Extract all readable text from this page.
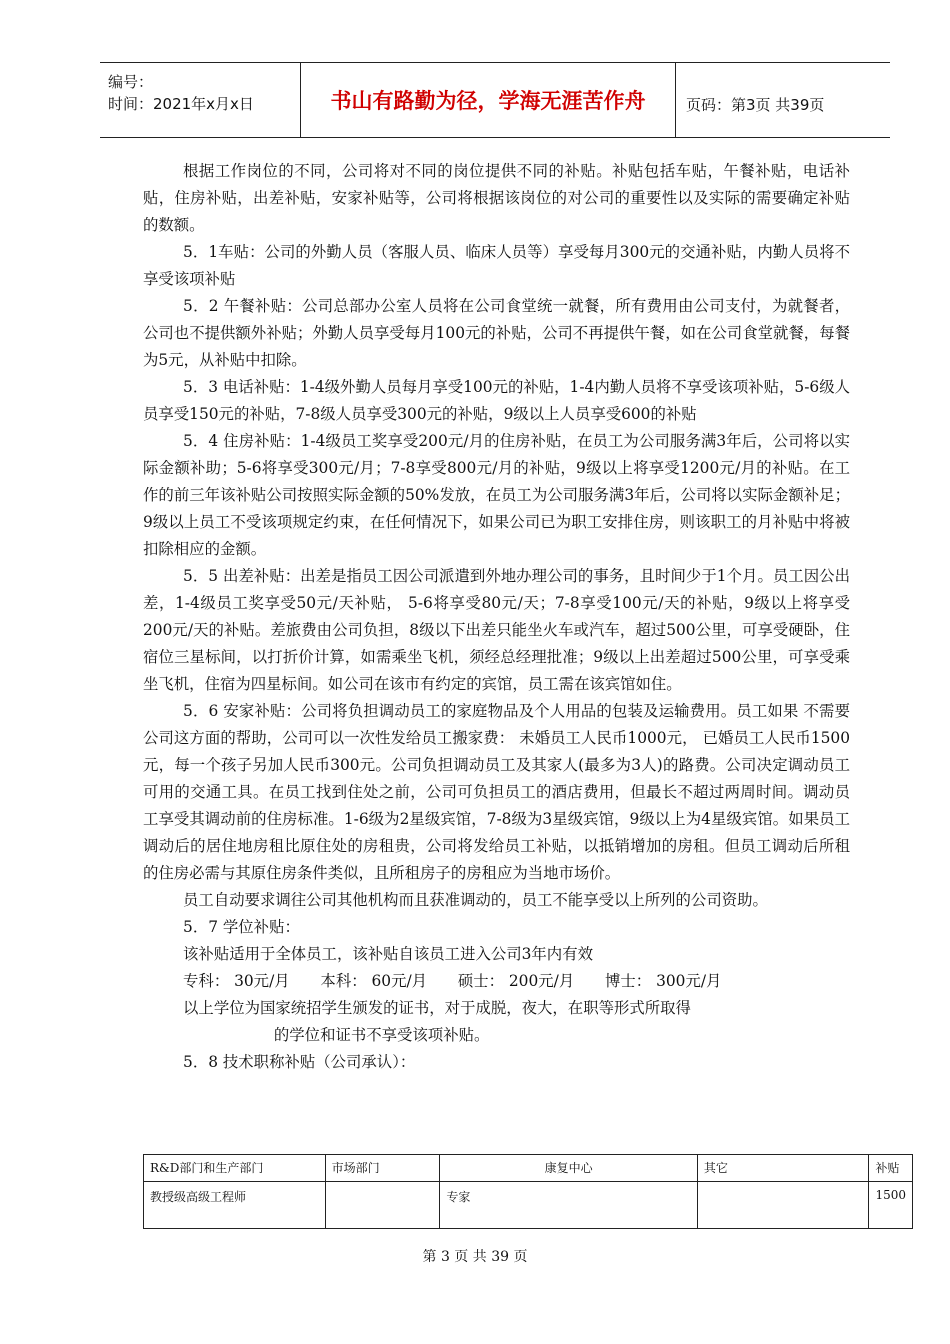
编号：
时间：2021年x月x日	书山有路勤为径，学海无涯苦作舟	页码：第3页 共39页

根据工作岗位的不同，公司将对不同的岗位提供不同的补贴。补贴包括车贴，午餐补贴，电话补贴，住房补贴，出差补贴，安家补贴等，公司将根据该岗位的对公司的重要性以及实际的需要确定补贴的数额。

5．1车贴：公司的外勤人员（客服人员、临床人员等）享受每月300元的交通补贴，内勤人员将不享受该项补贴

5．2 午餐补贴：公司总部办公室人员将在公司食堂统一就餐，所有费用由公司支付，为就餐者，公司也不提供额外补贴；外勤人员享受每月100元的补贴，公司不再提供午餐，如在公司食堂就餐，每餐为5元，从补贴中扣除。

5．3 电话补贴：1-4级外勤人员每月享受100元的补贴，1-4内勤人员将不享受该项补贴，5-6级人员享受150元的补贴，7-8级人员享受300元的补贴，9级以上人员享受600的补贴

5．4 住房补贴：1-4级员工奖享受200元/月的住房补贴，在员工为公司服务满3年后，公司将以实际金额补助；5-6将享受300元/月；7-8享受800元/月的补贴，9级以上将享受1200元/月的补贴。在工作的前三年该补贴公司按照实际金额的50%发放，在员工为公司服务满3年后，公司将以实际金额补足；9级以上员工不受该项规定约束，在任何情况下，如果公司已为职工安排住房，则该职工的月补贴中将被扣除相应的金额。

5．5 出差补贴：出差是指员工因公司派遣到外地办理公司的事务，且时间少于1个月。员工因公出差，1-4级员工奖享受50元/天补贴， 5-6将享受80元/天；7-8享受100元/天的补贴，9级以上将享受200元/天的补贴。差旅费由公司负担，8级以下出差只能坐火车或汽车，超过500公里，可享受硬卧，住宿位三星标间，以打折价计算，如需乘坐飞机，须经总经理批准；9级以上出差超过500公里，可享受乘坐飞机，住宿为四星标间。如公司在该市有约定的宾馆，员工需在该宾馆如住。

5．6 安家补贴：公司将负担调动员工的家庭物品及个人用品的包装及运输费用。员工如果 不需要公司这方面的帮助，公司可以一次性发给员工搬家费： 未婚员工人民币1000元， 已婚员工人民币1500 元，每一个孩子另加人民币300元。公司负担调动员工及其家人(最多为3人)的路费。公司决定调动员工可用的交通工具。在员工找到住处之前，公司可负担员工的酒店费用，但最长不超过两周时间。调动员工享受其调动前的住房标准。1-6级为2星级宾馆，7-8级为3星级宾馆，9级以上为4星级宾馆。如果员工调动后的居住地房租比原住处的房租贵，公司将发给员工补贴，以抵销增加的房租。但员工调动后所租的住房必需与其原住房条件类似，且所租房子的房租应为当地市场价。

员工自动要求调往公司其他机构而且获准调动的，员工不能享受以上所列的公司资助。

5．7 学位补贴：

该补贴适用于全体员工，该补贴自该员工进入公司3年内有效

专科： 30元/月　　本科： 60元/月　　硕士： 200元/月　　博士： 300元/月

以上学位为国家统招学生颁发的证书，对于成脱，夜大，在职等形式所取得

的学位和证书不享受该项补贴。

5．8 技术职称补贴（公司承认）：

R&D部门和生产部门	市场部门	康复中心	其它	补贴
教授级高级工程师		专家		1500
第 3 页 共 39 页
